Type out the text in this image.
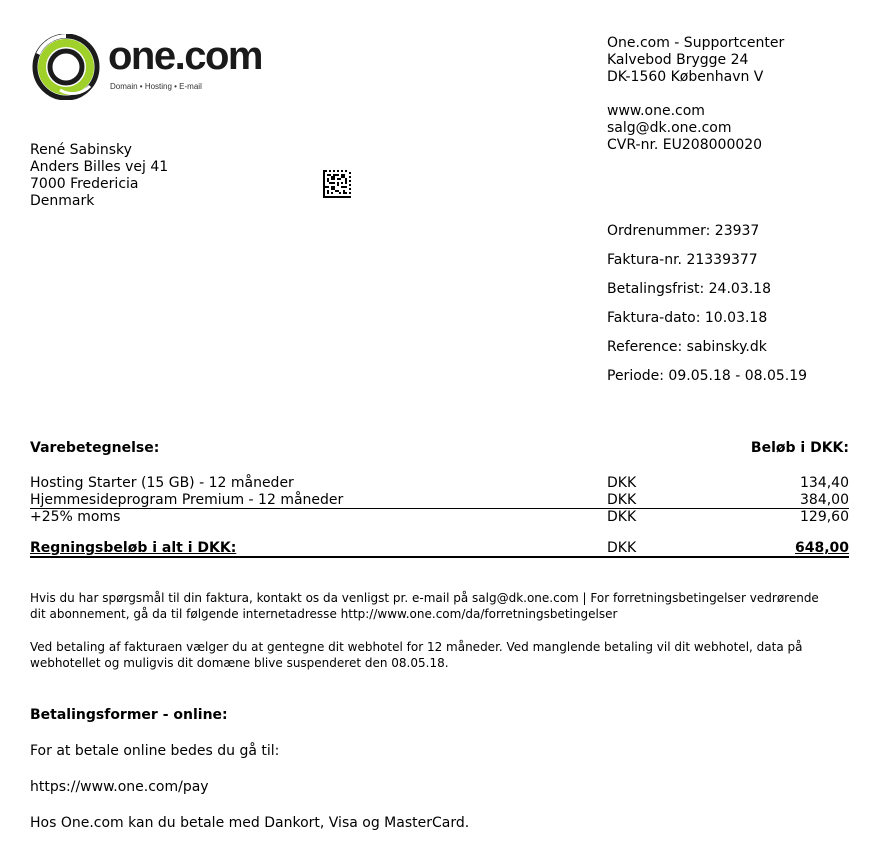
one.com
Domain • Hosting • E-mail
One.com - Supportcenter
Kalvebod Brygge 24
DK-1560 København V
www.one.com
salg@dk.one.com
CVR-nr. EU208000020
René Sabinsky
Anders Billes vej 41
7000 Fredericia
Denmark
Ordrenummer: 23937
Faktura-nr. 21339377
Betalingsfrist: 24.03.18
Faktura-dato: 10.03.18
Reference: sabinsky.dk
Periode: 09.05.18 - 08.05.19
Varebetegnelse:	Beløb i DKK:
Hosting Starter (15 GB) - 12 måneder	DKK	134,40
Hjemmesideprogram Premium - 12 måneder	DKK	384,00
+25% moms	DKK	129,60
Regningsbeløb i alt i DKK:	DKK	648,00
Hvis du har spørgsmål til din faktura, kontakt os da venligst pr. e-mail på salg@dk.one.com | For forretningsbetingelser vedrørende
dit abonnement, gå da til følgende internetadresse http://www.one.com/da/forretningsbetingelser
Ved betaling af fakturaen vælger du at gentegne dit webhotel for 12 måneder. Ved manglende betaling vil dit webhotel, data på
webhotellet og muligvis dit domæne blive suspenderet den 08.05.18.
Betalingsformer - online:
For at betale online bedes du gå til:
https://www.one.com/pay
Hos One.com kan du betale med Dankort, Visa og MasterCard.
